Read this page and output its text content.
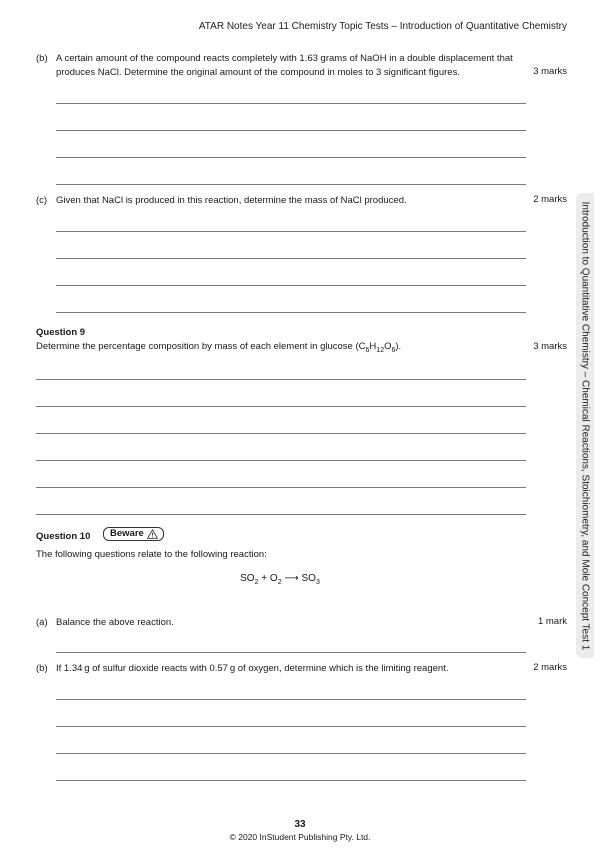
ATAR Notes Year 11 Chemistry Topic Tests – Introduction of Quantitative Chemistry
(b) A certain amount of the compound reacts completely with 1.63 grams of NaOH in a double displacement that
produces NaCl. Determine the original amount of the compound in moles to 3 significant figures.	3 marks
(c) Given that NaCl is produced in this reaction, determine the mass of NaCl produced.	2 marks
Question 9
Determine the percentage composition by mass of each element in glucose $(C_6H_{12}O_6)$.	3 marks
Question 10 Beware
The following questions relate to the following reaction:
$SO_2 + O_2$ ⟶ $SO_3$
(a) Balance the above reaction.	1 mark
(b) If 1.34 g of sulfur dioxide reacts with 0.57 g of oxygen, determine which is the limiting reagent.	2 marks
Introduction to Quantitative Chemistry – Chemical Reactions, Stoichiometry, and Mole Concept Test 1
33
© 2020 InStudent Publishing Pty. Ltd.
